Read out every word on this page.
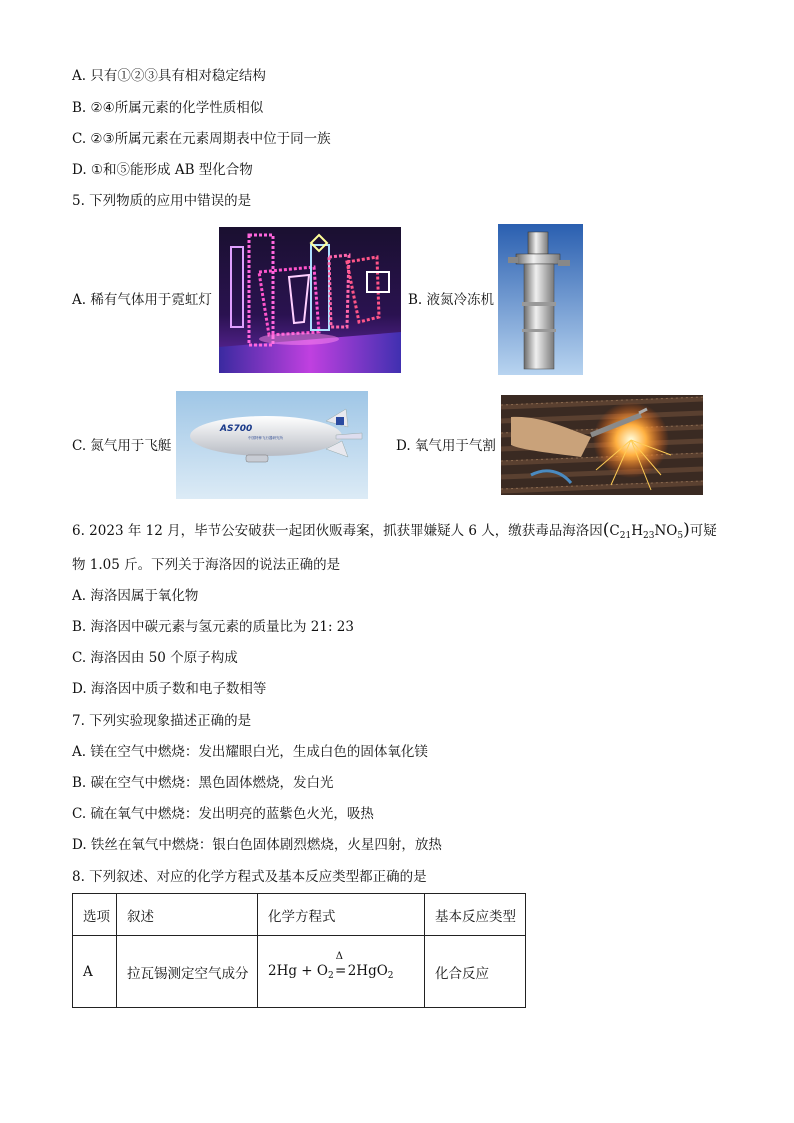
A. 只有①②③具有相对稳定结构
B. ②④所属元素的化学性质相似
C. ②③所属元素在元素周期表中位于同一族
D. ①和⑤能形成 AB 型化合物
5. 下列物质的应用中错误的是
A. 稀有气体用于霓虹灯	B. 液氮冷冻机
C. 氮气用于飞艇
AS700
中国特种飞行器研究所	D. 氧气用于气割
6. 2023 年 12 月，毕节公安破获一起团伙贩毒案，抓获罪嫌疑人 6 人，缴获毒品海洛因$(C_{21}H_{23}NO_5)$可疑
物 1.05 斤。下列关于海洛因的说法正确的是
A. 海洛因属于氧化物
B. 海洛因中碳元素与氢元素的质量比为 21: 23
C. 海洛因由 50 个原子构成
D. 海洛因中质子数和电子数相等
7. 下列实验现象描述正确的是
A. 镁在空气中燃烧：发出耀眼白光，生成白色的固体氧化镁
B. 碳在空气中燃烧：黑色固体燃烧，发白光
C. 硫在氧气中燃烧：发出明亮的蓝紫色火光，吸热
D. 铁丝在氧气中燃烧：银白色固体剧烈燃烧，火星四射，放热
8. 下列叙述、对应的化学方程式及基本反应类型都正确的是
选项	叙述	化学方程式	基本反应类型
A	拉瓦锡测定空气成分	$2Hg + O_2$
Δ
=2HgO$_2$	化合反应
